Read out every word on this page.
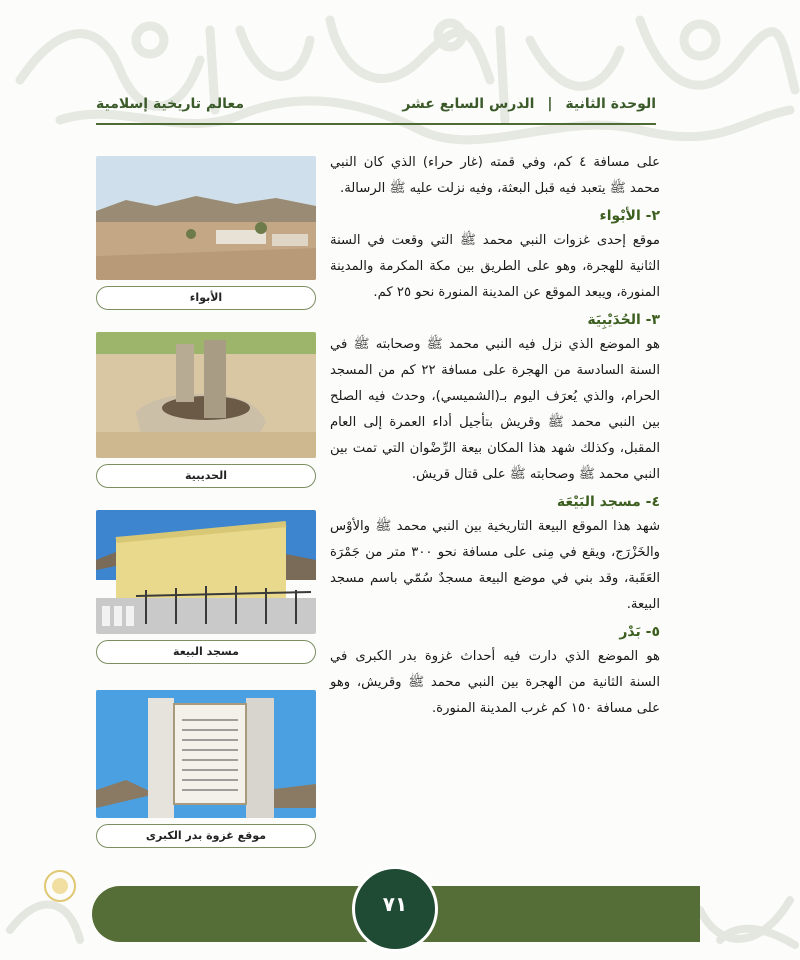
الوحدة الثانية | الدرس السابع عشر
معالم تاريخية إسلامية
الأبواء
الحديبية
مسجد البيعة
موقع غزوة بدر الكبرى

على مسافة ٤ كم، وفي قمته (غار حراء) الذي كان النبي محمد ﷺ يتعبد فيه قبل البعثة، وفيه نزلت عليه ﷺ الرسالة.

٢- الأبْواء

موقع إحدى غزوات النبي محمد ﷺ التي وقعت في السنة الثانية للهجرة، وهو على الطريق بين مكة المكرمة والمدينة المنورة، ويبعد الموقع عن المدينة المنورة نحو ٢٥ كم.

٣- الحُدَيْبِيَة

هو الموضع الذي نزل فيه النبي محمد ﷺ وصحابته ﷺ في السنة السادسة من الهجرة على مسافة ٢٢ كم من المسجد الحرام، والذي يُعرَف اليوم بـ(الشميسي)، وحدث فيه الصلح بين النبي محمد ﷺ وقريش بتأجيل أداء العمرة إلى العام المقبل، وكذلك شهد هذا المكان بيعة الرِّضْوان التي تمت بين النبي محمد ﷺ وصحابته ﷺ على قتال قريش.

٤- مسجد البَيْعَة

شهد هذا الموقع البيعة التاريخية بين النبي محمد ﷺ والأوْس والخَزْرَج، ويقع في مِنى على مسافة نحو ٣٠٠ متر من جَمْرَة العَقَبة، وقد بني في موضع البيعة مسجدٌ سُمّي باسم مسجد البيعة.

٥- بَدْر

هو الموضع الذي دارت فيه أحداث غزوة بدر الكبرى في السنة الثانية من الهجرة بين النبي محمد ﷺ وقريش، وهو على مسافة ١٥٠ كم غرب المدينة المنورة.

٧١
